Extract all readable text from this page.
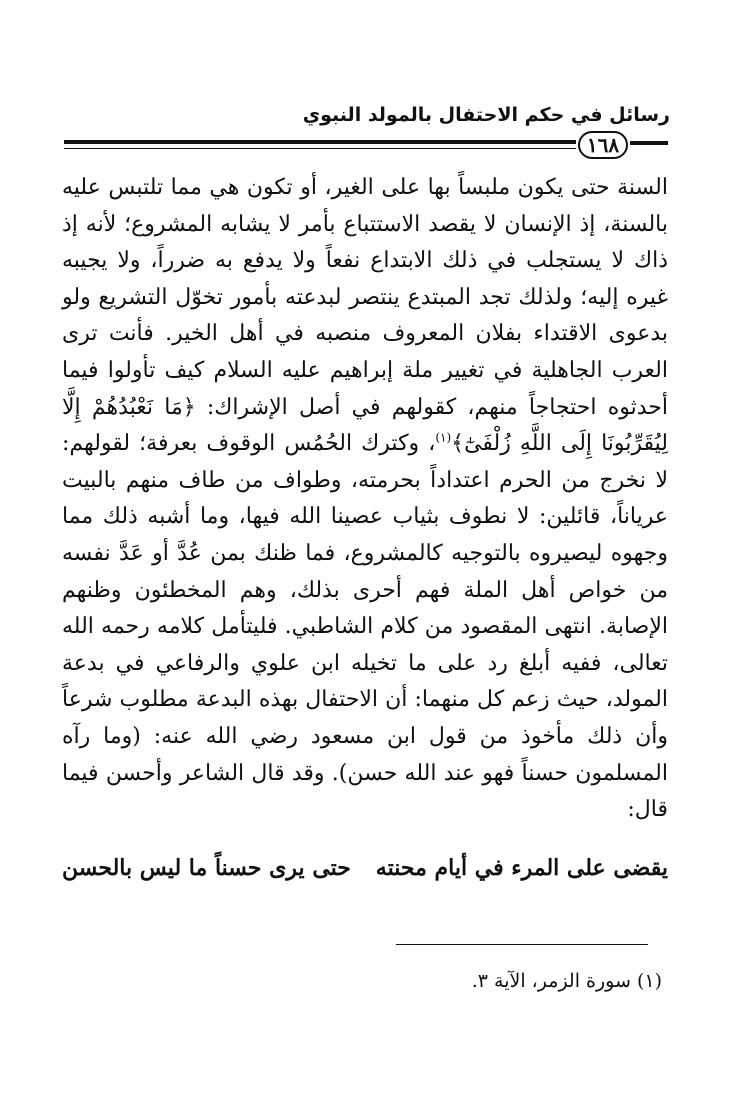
رسائل في حكم الاحتفال بالمولد النبوي
١٦٨

السنة حتى يكون ملبساً بها على الغير، أو تكون هي مما تلتبس عليه بالسنة، إذ الإنسان لا يقصد الاستتباع بأمر لا يشابه المشروع؛ لأنه إذ ذاك لا يستجلب في ذلك الابتداع نفعاً ولا يدفع به ضرراً، ولا يجيبه غيره إليه؛ ولذلك تجد المبتدع ينتصر لبدعته بأمور تخوّل التشريع ولو بدعوى الاقتداء بفلان المعروف منصبه في أهل الخير. فأنت ترى العرب الجاهلية في تغيير ملة إبراهيم عليه السلام كيف تأولوا فيما أحدثوه احتجاجاً منهم، كقولهم في أصل الإشراك: ﴿مَا نَعْبُدُهُمْ إِلَّا لِيُقَرِّبُونَا إِلَى اللَّهِ زُلْفَىٰٓ﴾$^{(١)}$، وكترك الحُمُس الوقوف بعرفة؛ لقولهم: لا نخرج من الحرم اعتداداً بحرمته، وطواف من طاف منهم بالبيت عرياناً، قائلين: لا نطوف بثياب عصينا الله فيها، وما أشبه ذلك مما وجهوه ليصيروه بالتوجيه كالمشروع، فما ظنك بمن عُدَّ أو عَدَّ نفسه من خواص أهل الملة فهم أحرى بذلك، وهم المخطئون وظنهم الإصابة. انتهى المقصود من كلام الشاطبي. فليتأمل كلامه رحمه الله تعالى، ففيه أبلغ رد على ما تخيله ابن علوي والرفاعي في بدعة المولد، حيث زعم كل منهما: أن الاحتفال بهذه البدعة مطلوب شرعاً وأن ذلك مأخوذ من قول ابن مسعود رضي الله عنه: (وما رآه المسلمون حسناً فهو عند الله حسن). وقد قال الشاعر وأحسن فيما قال:

يقضى على المرء في أيام محنته
حتى يرى حسناً ما ليس بالحسن
(١) سورة الزمر، الآية ٣.
